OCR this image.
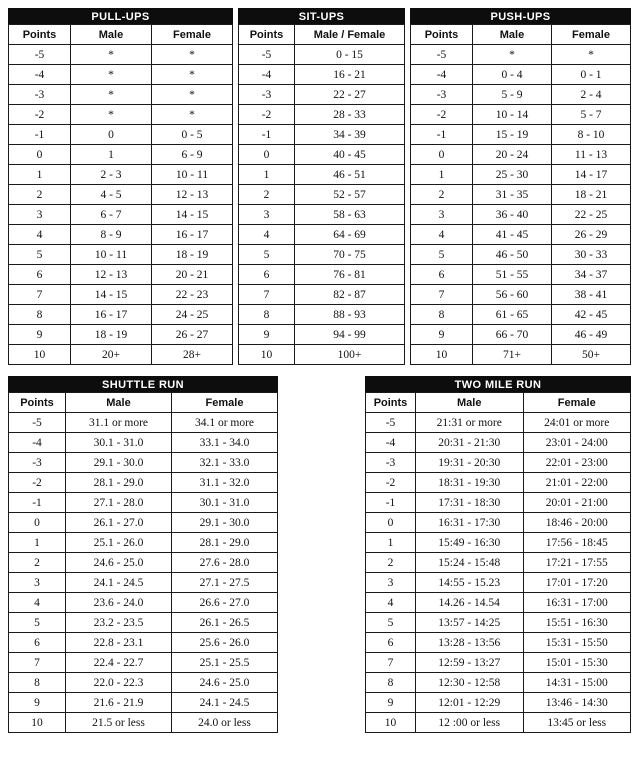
PULL-UPS
Points	Male	Female
-5	*	*
-4	*	*
-3	*	*
-2	*	*
-1	0	0 - 5
0	1	6 - 9
1	2 - 3	10 - 11
2	4 - 5	12 - 13
3	6 - 7	14 - 15
4	8 - 9	16 - 17
5	10 - 11	18 - 19
6	12 - 13	20 - 21
7	14 - 15	22 - 23
8	16 - 17	24 - 25
9	18 - 19	26 - 27
10	20+	28+
SIT-UPS
Points	Male / Female
-5	0 - 15
-4	16 - 21
-3	22 - 27
-2	28 - 33
-1	34 - 39
0	40 - 45
1	46 - 51
2	52 - 57
3	58 - 63
4	64 - 69
5	70 - 75
6	76 - 81
7	82 - 87
8	88 - 93
9	94 - 99
10	100+
PUSH-UPS
Points	Male	Female
-5	*	*
-4	0 - 4	0 - 1
-3	5 - 9	2 - 4
-2	10 - 14	5 - 7
-1	15 - 19	8 - 10
0	20 - 24	11 - 13
1	25 - 30	14 - 17
2	31 - 35	18 - 21
3	36 - 40	22 - 25
4	41 - 45	26 - 29
5	46 - 50	30 - 33
6	51 - 55	34 - 37
7	56 - 60	38 - 41
8	61 - 65	42 - 45
9	66 - 70	46 - 49
10	71+	50+
SHUTTLE RUN
Points	Male	Female
-5	31.1 or more	34.1 or more
-4	30.1 - 31.0	33.1 - 34.0
-3	29.1 - 30.0	32.1 - 33.0
-2	28.1 - 29.0	31.1 - 32.0
-1	27.1 - 28.0	30.1 - 31.0
0	26.1 - 27.0	29.1 - 30.0
1	25.1 - 26.0	28.1 - 29.0
2	24.6 - 25.0	27.6 - 28.0
3	24.1 - 24.5	27.1 - 27.5
4	23.6 - 24.0	26.6 - 27.0
5	23.2 - 23.5	26.1 - 26.5
6	22.8 - 23.1	25.6 - 26.0
7	22.4 - 22.7	25.1 - 25.5
8	22.0 - 22.3	24.6 - 25.0
9	21.6 - 21.9	24.1 - 24.5
10	21.5 or less	24.0 or less
TWO MILE RUN
Points	Male	Female
-5	21:31 or more	24:01 or more
-4	20:31 - 21:30	23:01 - 24:00
-3	19:31 - 20:30	22:01 - 23:00
-2	18:31 - 19:30	21:01 - 22:00
-1	17:31 - 18:30	20:01 - 21:00
0	16:31 - 17:30	18:46 - 20:00
1	15:49 - 16:30	17:56 - 18:45
2	15:24 - 15:48	17:21 - 17:55
3	14:55 - 15.23	17:01 - 17:20
4	14.26 - 14.54	16:31 - 17:00
5	13:57 - 14:25	15:51 - 16:30
6	13:28 - 13:56	15:31 - 15:50
7	12:59 - 13:27	15:01 - 15:30
8	12:30 - 12:58	14:31 - 15:00
9	12:01 - 12:29	13:46 - 14:30
10	12 :00 or less	13:45 or less
